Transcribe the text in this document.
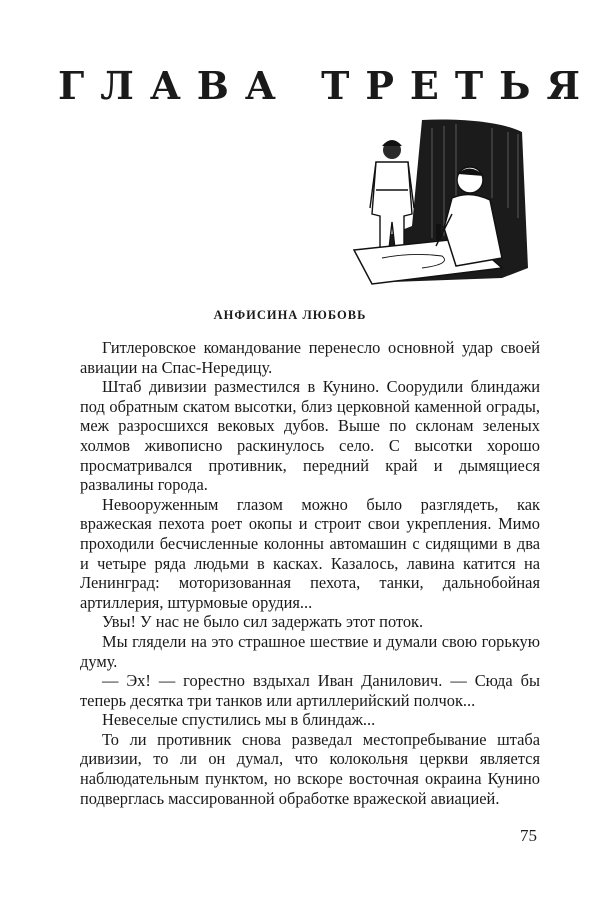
ГЛАВА ТРЕТЬЯ
АНФИСИНА ЛЮБОВЬ

Гитлеровское командование перенесло основной удар своей авиации на Спас-Нередицу.

Штаб дивизии разместился в Кунино. Соорудили блиндажи под обратным скатом высотки, близ церковной каменной ограды, меж разросшихся вековых дубов. Выше по склонам зеленых холмов живописно раскинулось село. С высотки хорошо просматривался противник, передний край и дымящиеся развалины города.

Невооруженным глазом можно было разглядеть, как вражеская пехота роет окопы и строит свои укрепления. Мимо проходили бесчисленные колонны автомашин с сидящими в два и четыре ряда людьми в касках. Казалось, лавина катится на Ленинград: моторизованная пехота, танки, дальнобойная артиллерия, штурмовые орудия...

Увы! У нас не было сил задержать этот поток.

Мы глядели на это страшное шествие и думали свою горькую думу.

— Эх! — горестно вздыхал Иван Данилович. — Сюда бы теперь десятка три танков или артиллерийский полчок...

Невеселые спустились мы в блиндаж...

То ли противник снова разведал местопребывание штаба дивизии, то ли он думал, что колокольня церкви является наблюдательным пунктом, но вскоре восточная окраина Кунино подверглась массированной обработке вражеской авиацией.

75
